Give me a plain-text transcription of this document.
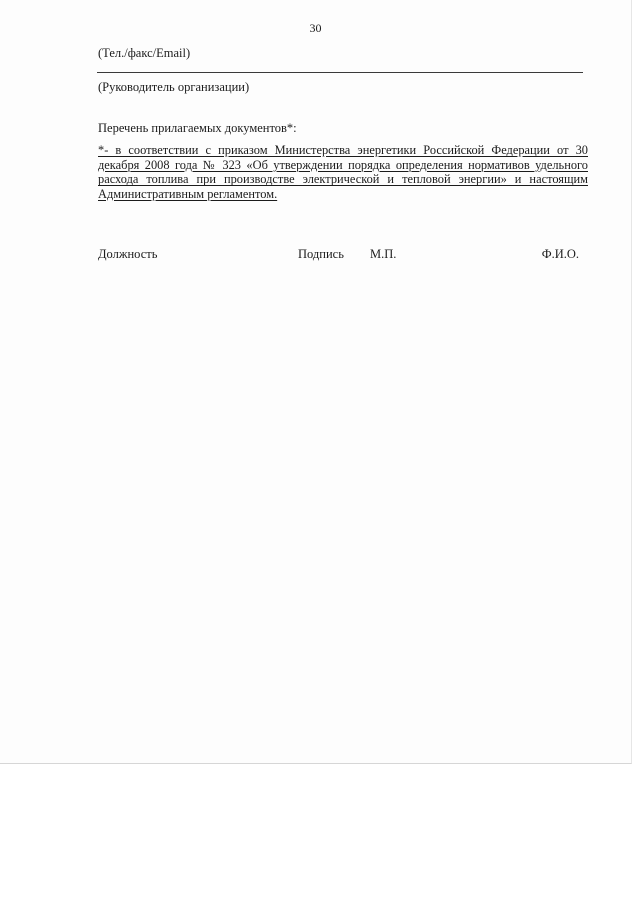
30
(Тел./факс/Email)
(Руководитель организации)
Перечень прилагаемых документов*:
*- в соответствии с приказом Министерства энергетики Российской Федерации от 30 декабря 2008 года № 323 «Об утверждении порядка определения нормативов удельного расхода топлива при производстве электрической и тепловой энергии» и настоящим Административным регламентом.
Должность	Подпись М.П.	Ф.И.О.
